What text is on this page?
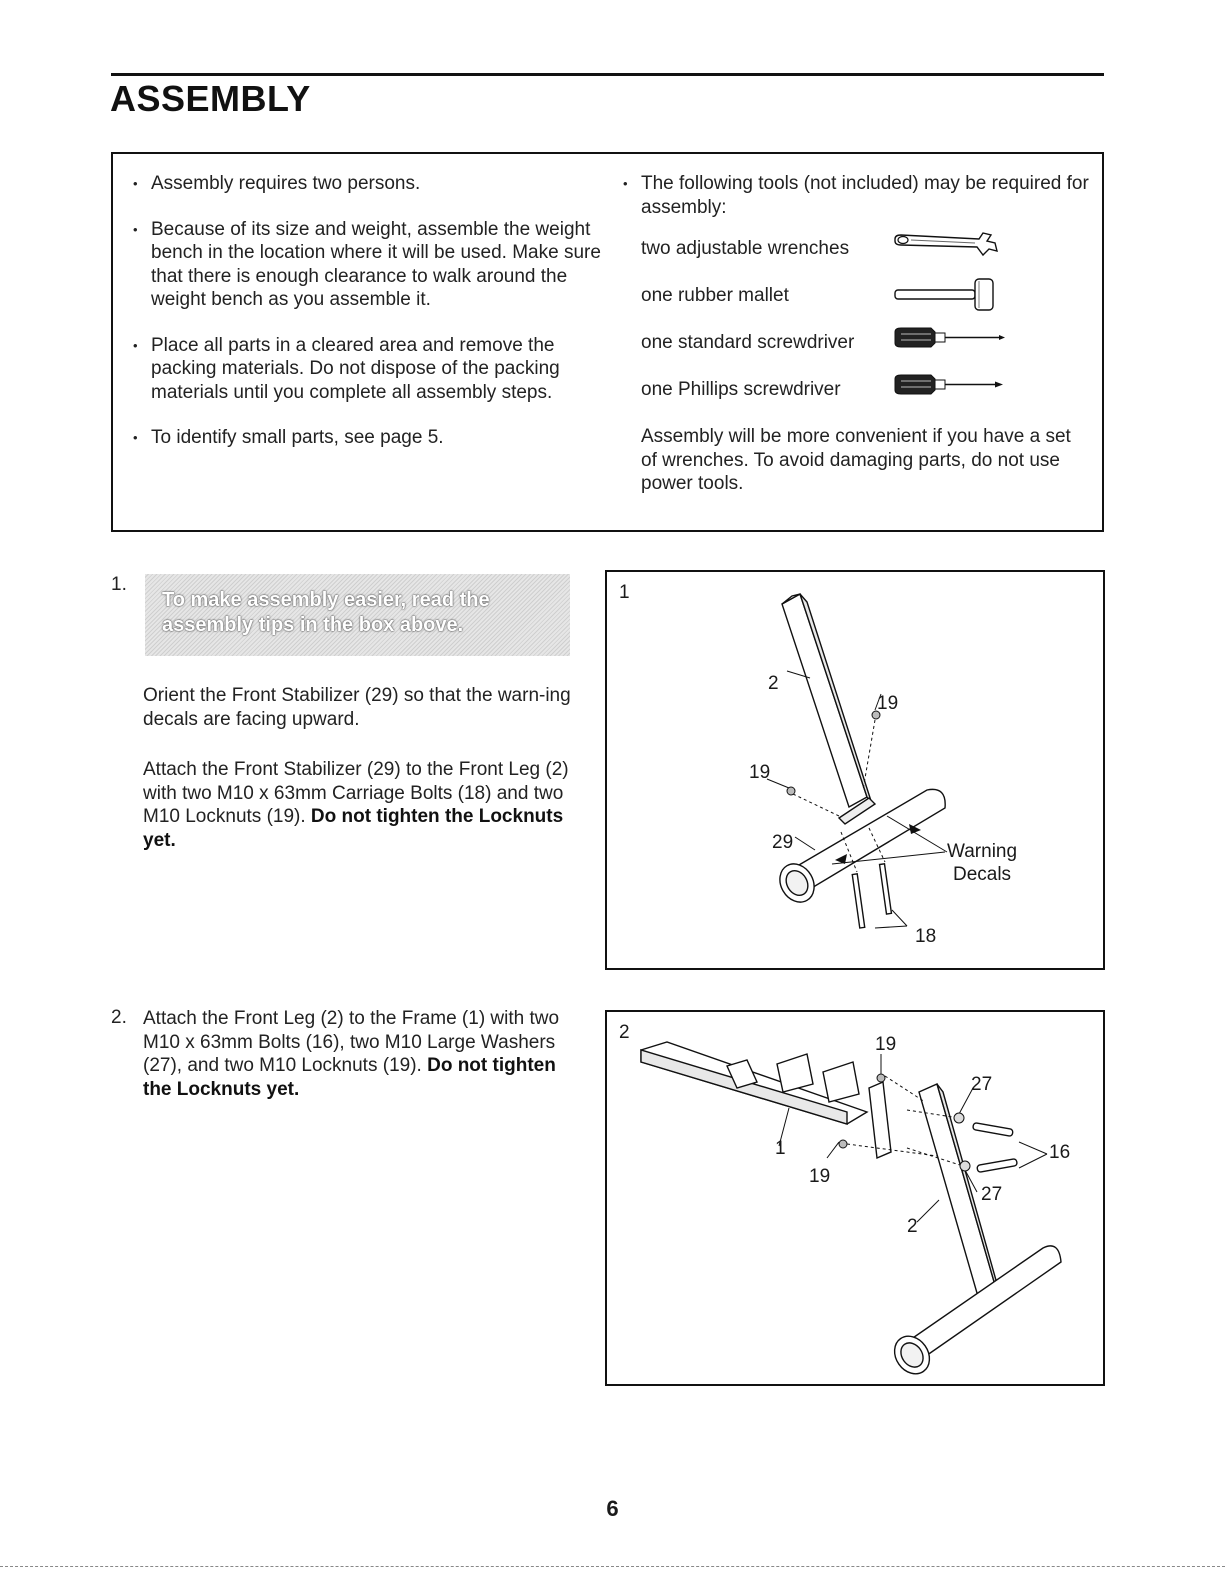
ASSEMBLY
• Assembly requires two persons.
• Because of its size and weight, assemble the weight bench in the location where it will be used. Make sure that there is enough clearance to walk around the weight bench as you assemble it.
• Place all parts in a cleared area and remove the packing materials. Do not dispose of the packing materials until you complete all assembly steps.
• To identify small parts, see page 5.
• The following tools (not included) may be required for assembly:
two adjustable wrenches
one rubber mallet
one standard screwdriver
one Phillips screwdriver
Assembly will be more convenient if you have a set of wrenches. To avoid damaging parts, do not use power tools.
1.
To make assembly easier, read the assembly tips in the box above.
Orient the Front Stabilizer (29) so that the warn-ing decals are facing upward.
Attach the Front Stabilizer (29) to the Front Leg (2) with two M10 x 63mm Carriage Bolts (18) and two M10 Locknuts (19). Do not tighten the Locknuts yet.
1
2
19
19
29	Warning
Decals
18
2. Attach the Front Leg (2) to the Frame (1) with two M10 x 63mm Bolts (16), two M10 Large Washers (27), and two M10 Locknuts (19). Do not tighten the Locknuts yet.
2
19
27
16
1
19
27
2
6
